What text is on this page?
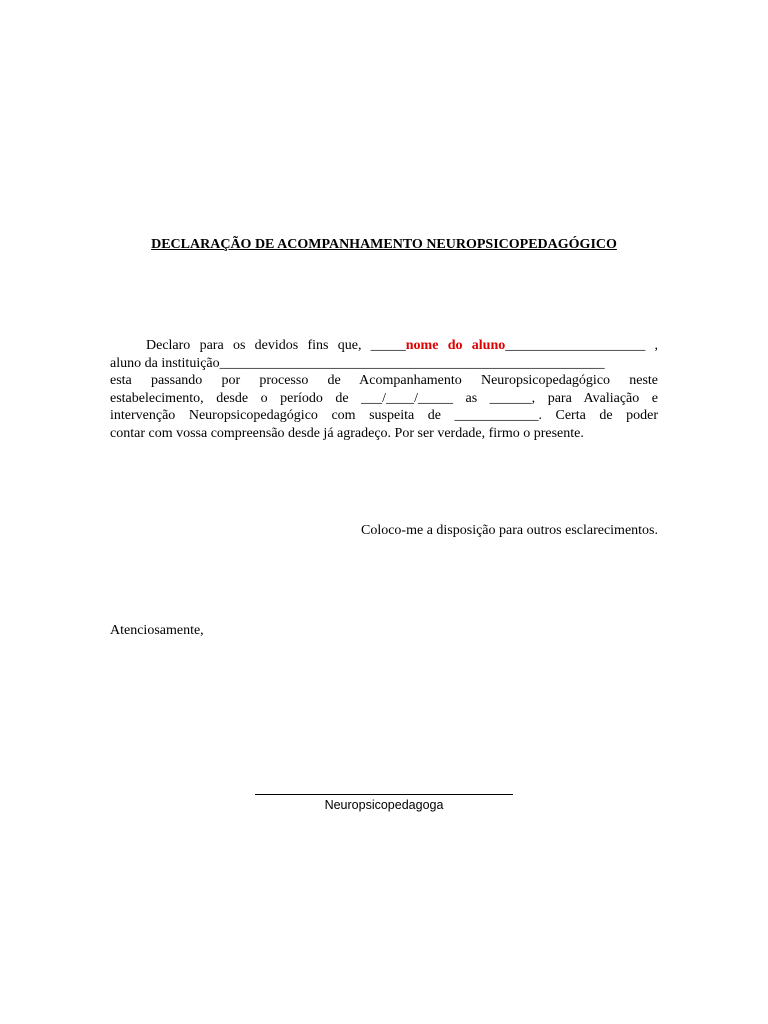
DECLARAÇÃO DE ACOMPANHAMENTO NEUROPSICOPEDAGÓGICO
Declaro para os devidos fins que, _____nome do aluno____________________ ,
aluno da instituição_______________________________________________________
esta passando por processo de Acompanhamento Neuropsicopedagógico neste
estabelecimento, desde o período de ___/____/_____ as ______, para Avaliação e
intervenção Neuropsicopedagógico com suspeita de ____________. Certa de poder
contar com vossa compreensão desde já agradeço. Por ser verdade, firmo o presente.
Coloco-me a disposição para outros esclarecimentos.
Atenciosamente,
Neuropsicopedagoga
